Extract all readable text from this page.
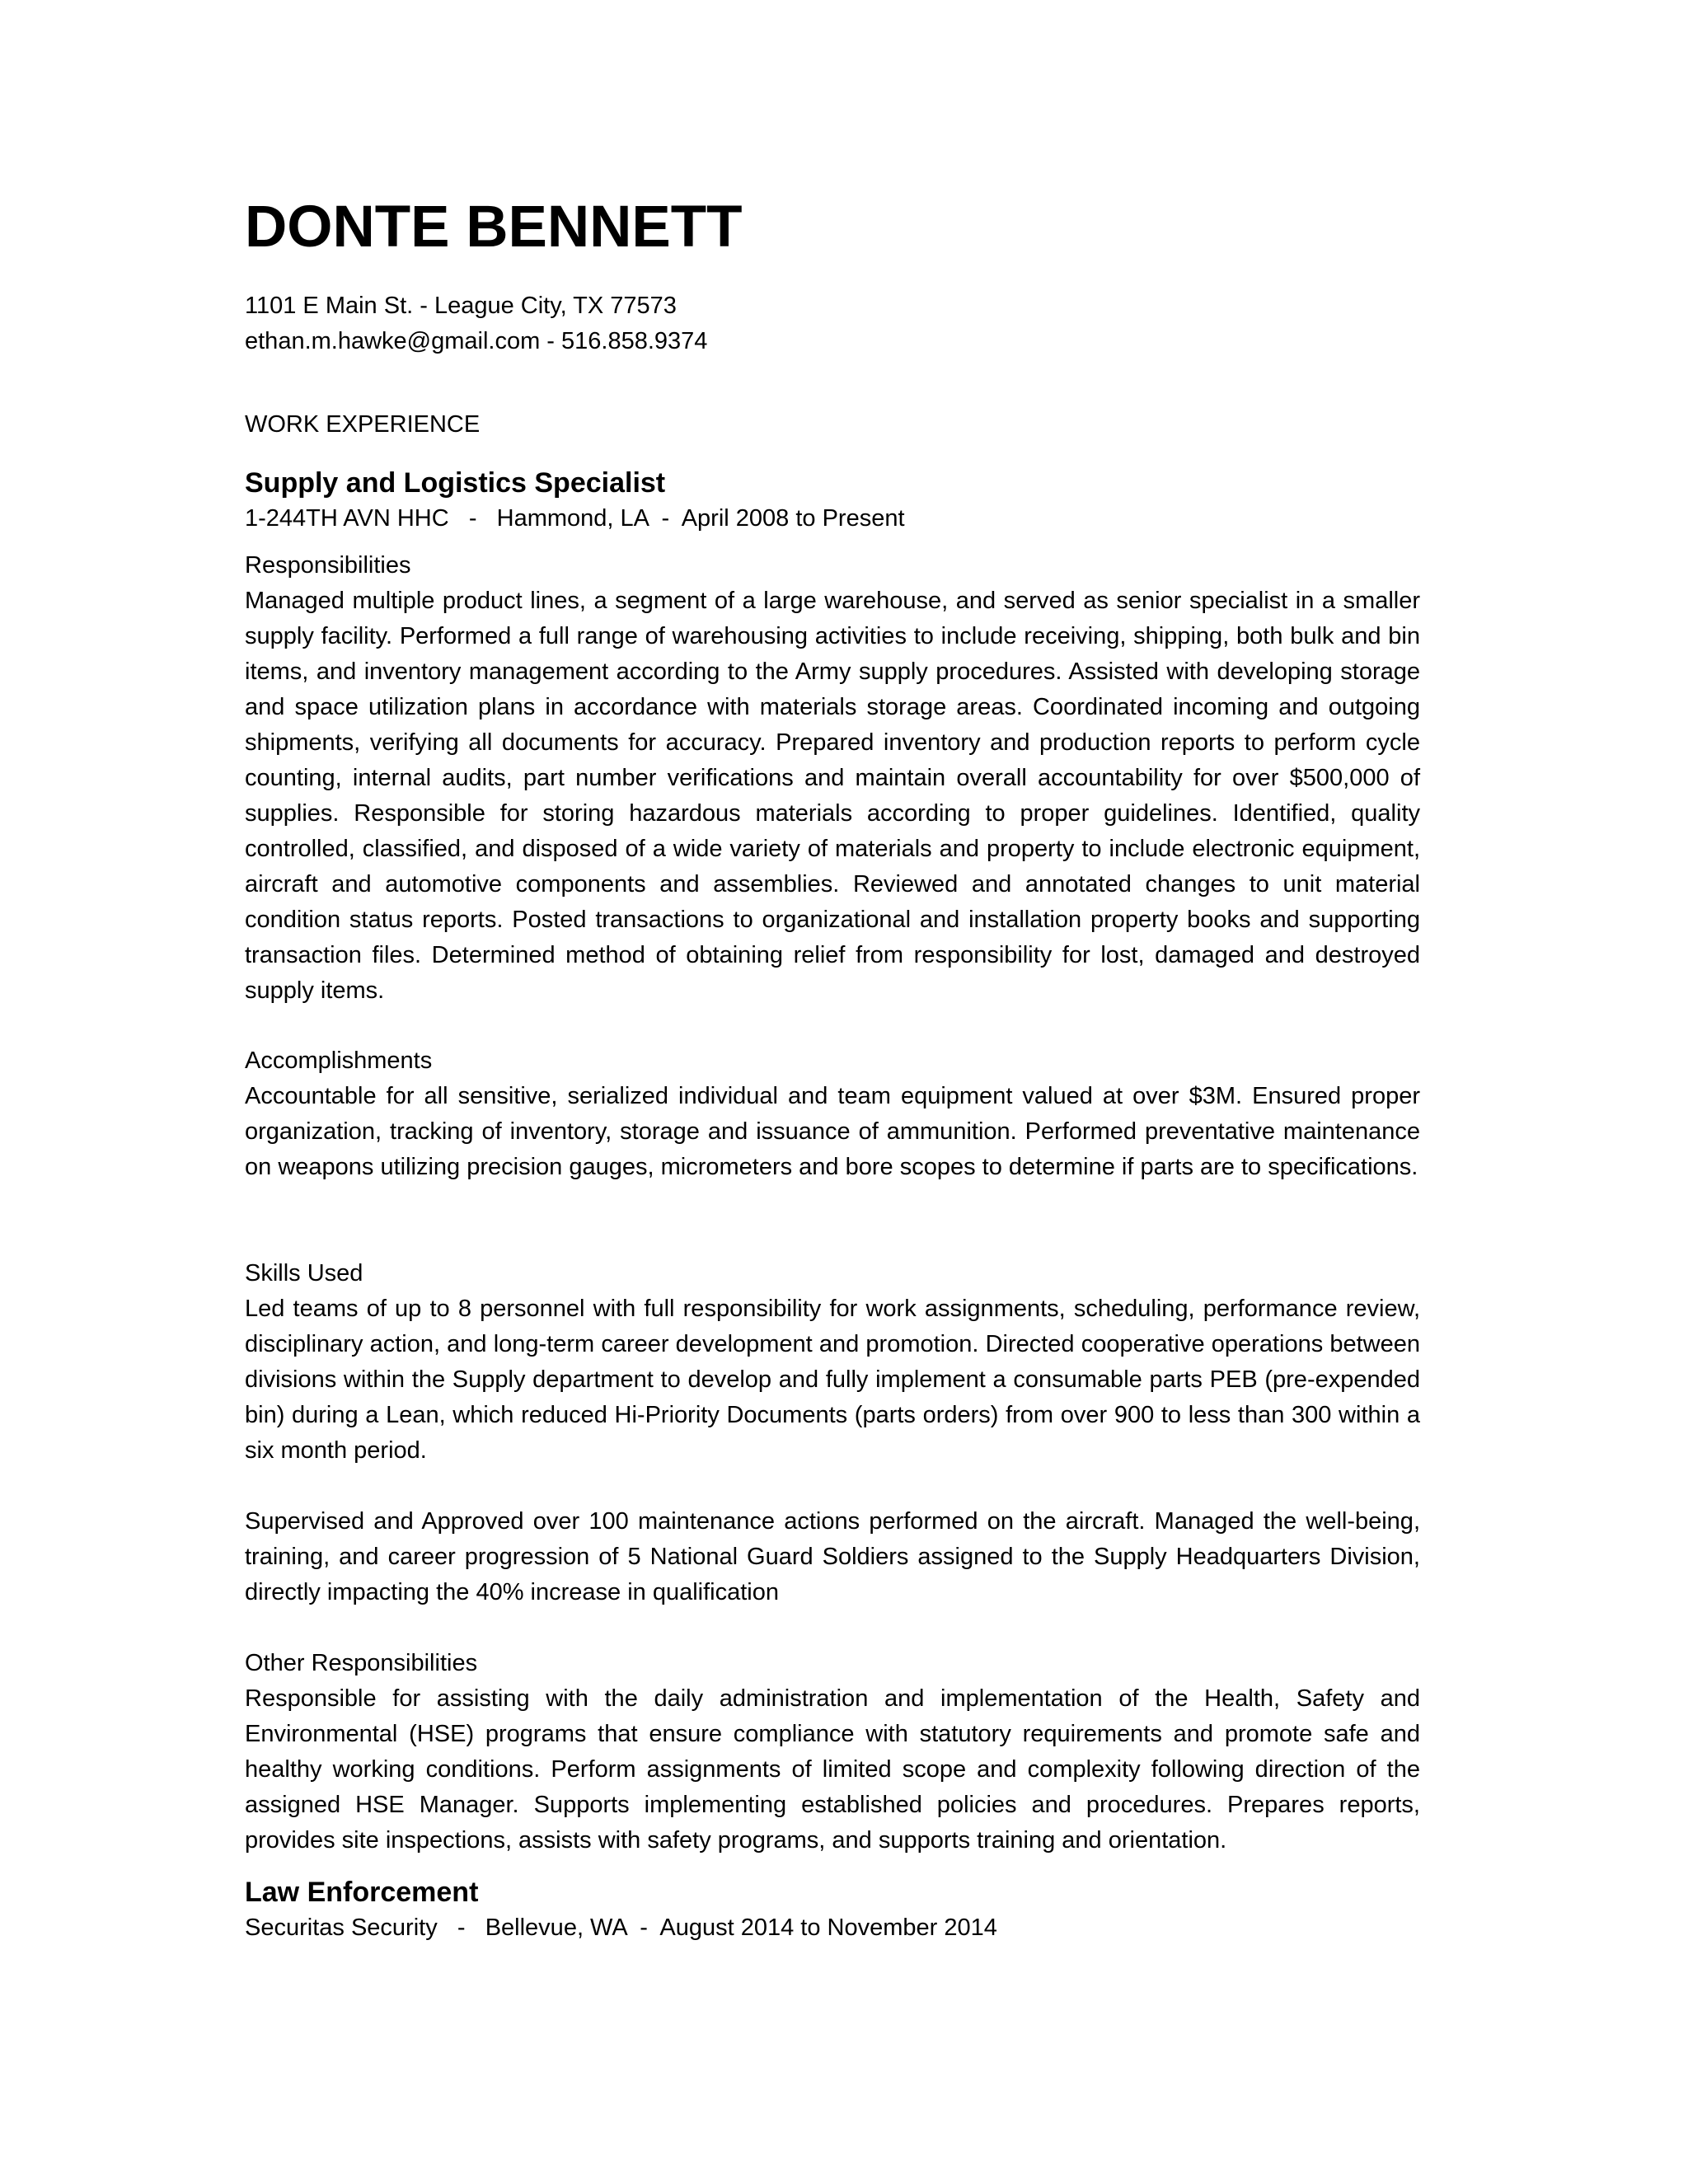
DONTE BENNETT
1101 E Main St. - League City, TX 77573
ethan.m.hawke@gmail.com - 516.858.9374
WORK EXPERIENCE
Supply and Logistics Specialist
1-244TH AVN HHC   -   Hammond, LA  -  April 2008 to Present
Responsibilities
Managed multiple product lines, a segment of a large warehouse, and served as senior specialist in a smaller supply facility. Performed a full range of warehousing activities to include receiving, shipping, both bulk and bin items, and inventory management according to the Army supply procedures. Assisted with developing storage and space utilization plans in accordance with materials storage areas. Coordinated incoming and outgoing shipments, verifying all documents for accuracy. Prepared inventory and production reports to perform cycle counting, internal audits, part number verifications and maintain overall accountability for over $500,000 of supplies. Responsible for storing hazardous materials according to proper guidelines. Identified, quality controlled, classified, and disposed of a wide variety of materials and property to include electronic equipment, aircraft and automotive components and assemblies. Reviewed and annotated changes to unit material condition status reports. Posted transactions to organizational and installation property books and supporting transaction files. Determined method of obtaining relief from responsibility for lost, damaged and destroyed supply items.
Accomplishments
Accountable for all sensitive, serialized individual and team equipment valued at over $3M. Ensured proper organization, tracking of inventory, storage and issuance of ammunition. Performed preventative maintenance on weapons utilizing precision gauges, micrometers and bore scopes to determine if parts are to specifications.
Skills Used
Led teams of up to 8 personnel with full responsibility for work assignments, scheduling, performance review, disciplinary action, and long-term career development and promotion. Directed cooperative operations between divisions within the Supply department to develop and fully implement a consumable parts PEB (pre-expended bin) during a Lean, which reduced Hi-Priority Documents (parts orders) from over 900 to less than 300 within a six month period.
Supervised and Approved over 100 maintenance actions performed on the aircraft. Managed the well-being, training, and career progression of 5 National Guard Soldiers assigned to the Supply Headquarters Division, directly impacting the 40% increase in qualification
Other Responsibilities
Responsible for assisting with the daily administration and implementation of the Health, Safety and Environmental (HSE) programs that ensure compliance with statutory requirements and promote safe and healthy working conditions. Perform assignments of limited scope and complexity following direction of the assigned HSE Manager. Supports implementing established policies and procedures. Prepares reports, provides site inspections, assists with safety programs, and supports training and orientation.
Law Enforcement
Securitas Security   -   Bellevue, WA  -  August 2014 to November 2014
